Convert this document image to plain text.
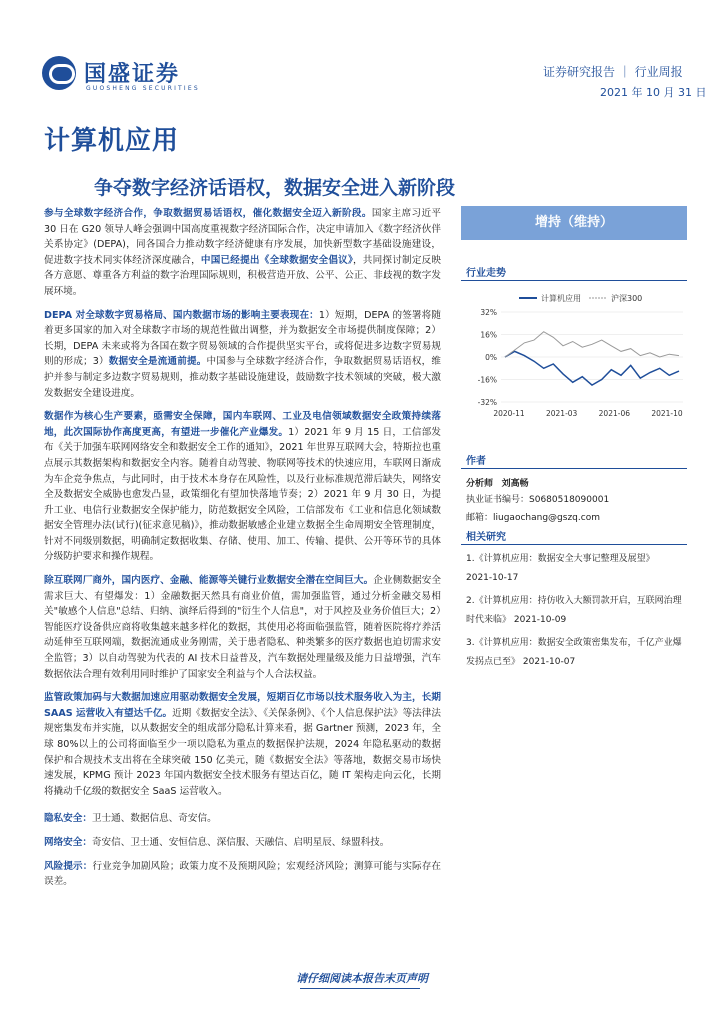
国盛证券
GUOSHENG SECURITIES
证券研究报告 ｜ 行业周报
2021 年 10 月 31 日
计算机应用
争夺数字经济话语权，数据安全进入新阶段

参与全球数字经济合作，争取数据贸易话语权，催化数据安全迈入新阶段。国家主席习近平 30 日在 G20 领导人峰会强调中国高度重视数字经济国际合作，决定申请加入《数字经济伙伴关系协定》(DEPA)，同各国合力推动数字经济健康有序发展，加快新型数字基础设施建设，促进数字技术同实体经济深度融合，中国已经提出《全球数据安全倡议》，共同探讨制定反映各方意愿、尊重各方利益的数字治理国际规则，积极营造开放、公平、公正、非歧视的数字发展环境。

DEPA 对全球数字贸易格局、国内数据市场的影响主要表现在：1）短期，DEPA 的签署将随着更多国家的加入对全球数字市场的规范性做出调整，并为数据安全市场提供制度保障；2）长期，DEPA 未来或将为各国在数字贸易领域的合作提供坚实平台，或将促进多边数字贸易规则的形成；3）数据安全是流通前提。中国参与全球数字经济合作，争取数据贸易话语权，维护并参与制定多边数字贸易规则，推动数字基础设施建设，鼓励数字技术领域的突破，极大激发数据安全建设进度。

数据作为核心生产要素，亟需安全保障，国内车联网、工业及电信领域数据安全政策持续落地，此次国际协作高度更高，有望进一步催化产业爆发。1）2021 年 9 月 15 日，工信部发布《关于加强车联网网络安全和数据安全工作的通知》，2021 年世界互联网大会，特斯拉也重点展示其数据架构和数据安全内容。随着自动驾驶、物联网等技术的快速应用，车联网日渐成为车企竞争焦点，与此同时，由于技术本身存在风险性，以及行业标准规范滞后缺失，网络安全及数据安全威胁也愈发凸显，政策细化有望加快落地节奏；2）2021 年 9 月 30 日，为提升工业、电信行业数据安全保护能力，防范数据安全风险，工信部发布《工业和信息化领域数据安全管理办法(试行)(征求意见稿)》，推动数据敏感企业建立数据全生命周期安全管理制度，针对不同级别数据，明确制定数据收集、存储、使用、加工、传输、提供、公开等环节的具体分级防护要求和操作规程。

除互联网厂商外，国内医疗、金融、能源等关键行业数据安全潜在空间巨大。企业侧数据安全需求巨大、有望爆发：1）金融数据天然具有商业价值，需加强监管，通过分析金融交易相关"敏感个人信息"总结、归纳、演绎后得到的"衍生个人信息"，对于风控及业务价值巨大；2）智能医疗设备供应商将收集越来越多样化的数据，其使用必将面临强监管，随着医院将疗养活动延伸至互联网端，数据流通成业务刚需，关于患者隐私、种类繁多的医疗数据也迫切需求安全监管；3）以自动驾驶为代表的 AI 技术日益普及，汽车数据处理量级及能力日益增强，汽车数据依法合理有效利用同时维护了国家安全利益与个人合法权益。

监管政策加码与大数据加速应用驱动数据安全发展，短期百亿市场以技术服务收入为主，长期 SAAS 运营收入有望达千亿。近期《数据安全法》、《关保条例》、《个人信息保护法》等法律法规密集发布并实施，以从数据安全的组成部分隐私计算来看，据 Gartner 预测，2023 年，全球 80%以上的公司将面临至少一项以隐私为重点的数据保护法规，2024 年隐私驱动的数据保护和合规技术支出将在全球突破 150 亿美元，随《数据安全法》等落地，数据交易市场快速发展，KPMG 预计 2023 年国内数据安全技术服务有望达百亿，随 IT 架构走向云化，长期将撬动千亿级的数据安全 SaaS 运营收入。

隐私安全：卫士通、数据信息、奇安信。

网络安全：奇安信、卫士通、安恒信息、深信服、天融信、启明星辰、绿盟科技。

风险提示：行业竞争加剧风险；政策力度不及预期风险；宏观经济风险；测算可能与实际存在误差。

增持（维持）
行业走势
计算机应用	沪深300
32%
16%
0%
-16%
-32%
2020-11	2021-03	2021-06	2021-10
作者
分析师 刘高畅
执业证书编号：S0680518090001
邮箱：liugaochang@gszq.com
相关研究
1.《计算机应用：数据安全大事记整理及展望》
2021-10-17
2.《计算机应用：持仿收入大额罚款开启，互联网治理时代来临》 2021-10-09
3.《计算机应用：数据安全政策密集发布，千亿产业爆发拐点已至》 2021-10-07
请仔细阅读本报告末页声明
